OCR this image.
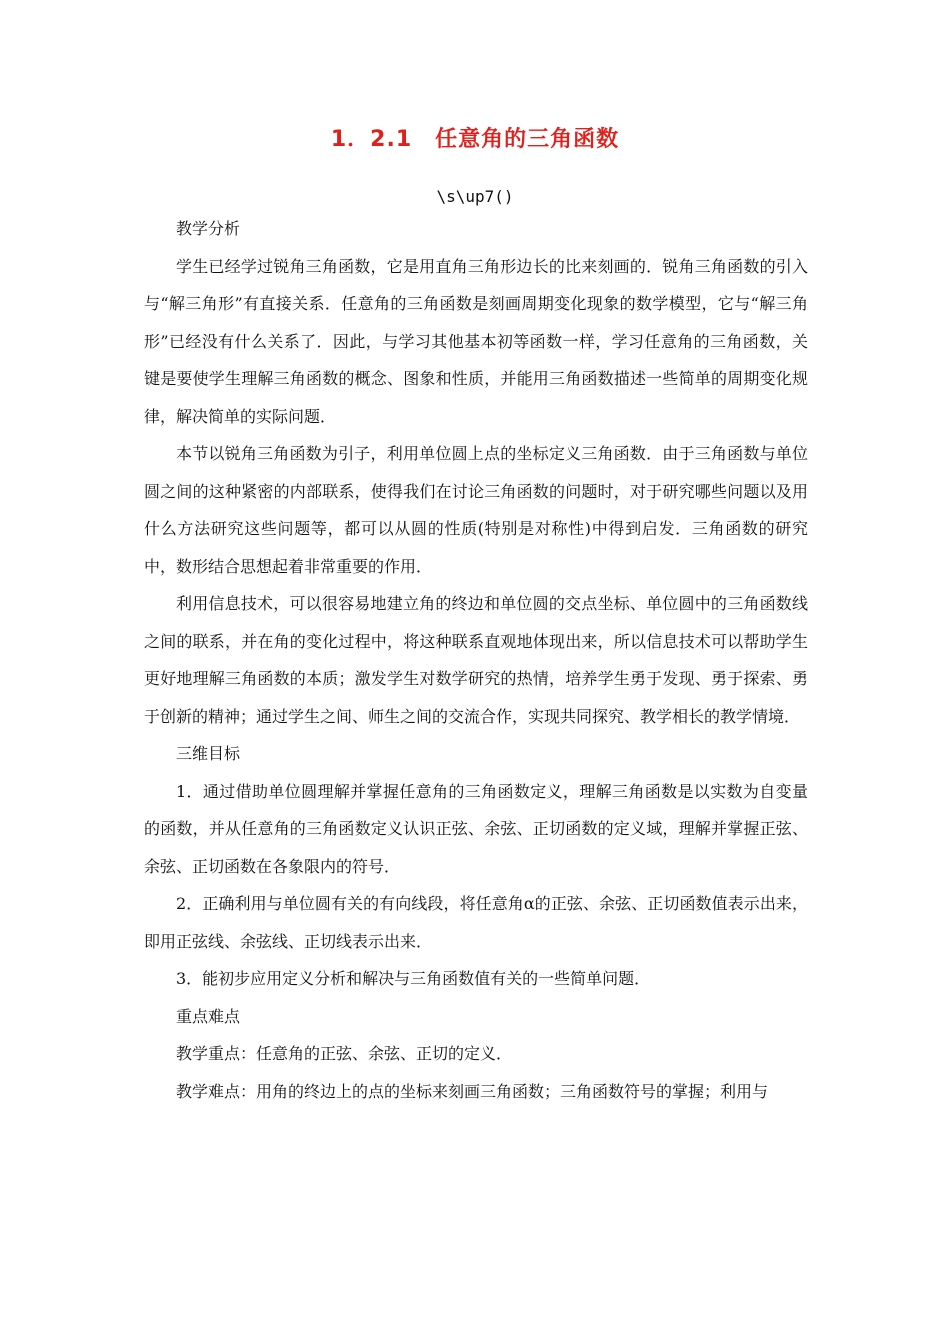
1．2.1　任意角的三角函数
\s\up7()

教学分析

学生已经学过锐角三角函数，它是用直角三角形边长的比来刻画的．锐角三角函数的引入与“解三角形”有直接关系．任意角的三角函数是刻画周期变化现象的数学模型，它与“解三角形”已经没有什么关系了．因此，与学习其他基本初等函数一样，学习任意角的三角函数，关键是要使学生理解三角函数的概念、图象和性质，并能用三角函数描述一些简单的周期变化规律，解决简单的实际问题．

本节以锐角三角函数为引子，利用单位圆上点的坐标定义三角函数．由于三角函数与单位圆之间的这种紧密的内部联系，使得我们在讨论三角函数的问题时，对于研究哪些问题以及用什么方法研究这些问题等，都可以从圆的性质(特别是对称性)中得到启发．三角函数的研究中，数形结合思想起着非常重要的作用．

利用信息技术，可以很容易地建立角的终边和单位圆的交点坐标、单位圆中的三角函数线之间的联系，并在角的变化过程中，将这种联系直观地体现出来，所以信息技术可以帮助学生更好地理解三角函数的本质；激发学生对数学研究的热情，培养学生勇于发现、勇于探索、勇于创新的精神；通过学生之间、师生之间的交流合作，实现共同探究、教学相长的教学情境．

三维目标

1．通过借助单位圆理解并掌握任意角的三角函数定义，理解三角函数是以实数为自变量的函数，并从任意角的三角函数定义认识正弦、余弦、正切函数的定义域，理解并掌握正弦、余弦、正切函数在各象限内的符号．

2．正确利用与单位圆有关的有向线段，将任意角α的正弦、余弦、正切函数值表示出来，即用正弦线、余弦线、正切线表示出来．

3．能初步应用定义分析和解决与三角函数值有关的一些简单问题．

重点难点

教学重点：任意角的正弦、余弦、正切的定义．

教学难点：用角的终边上的点的坐标来刻画三角函数；三角函数符号的掌握；利用与
